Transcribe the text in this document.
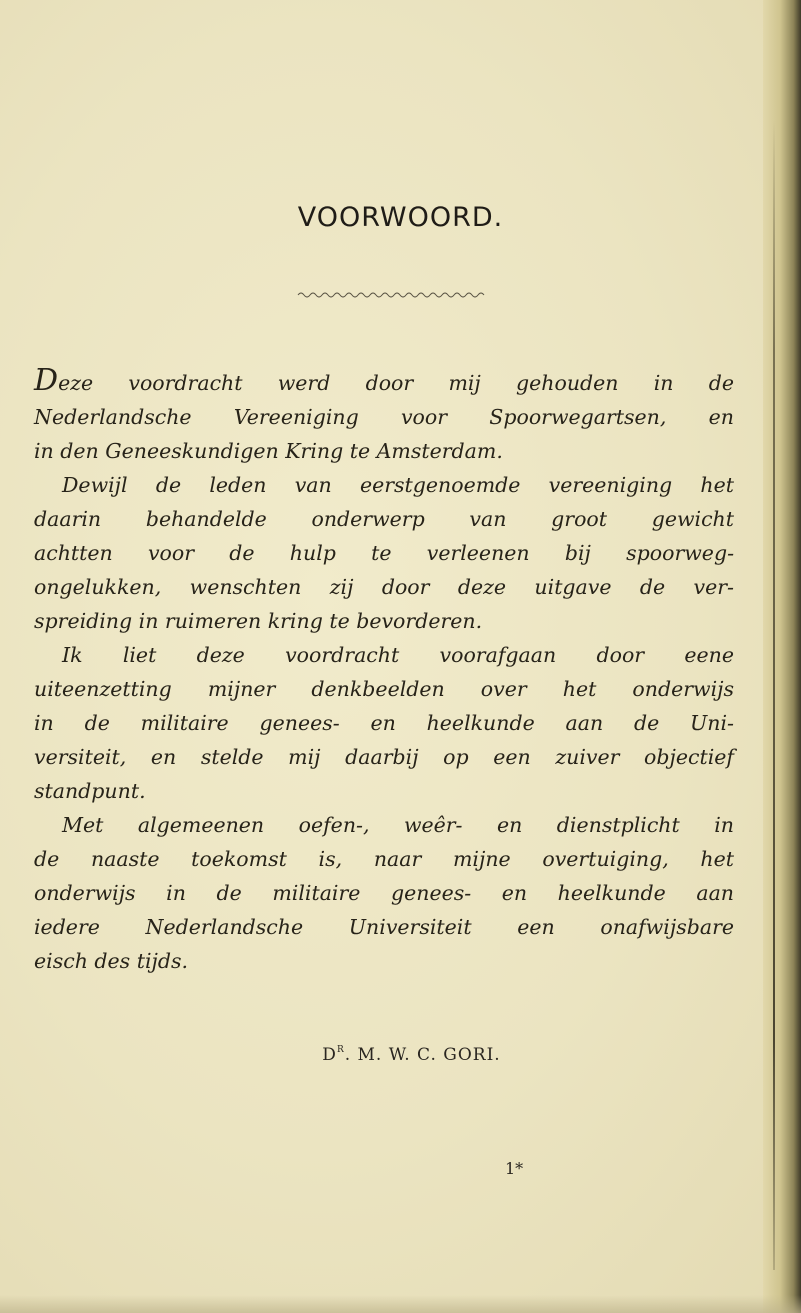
VOORWOORD.
Deze voordracht werd door mij gehouden in de
Nederlandsche Vereeniging voor Spoorwegartsen, en
in den Geneeskundigen Kring te Amsterdam.
Dewijl de leden van eerstgenoemde vereeniging het
daarin behandelde onderwerp van groot gewicht
achtten voor de hulp te verleenen bij spoorweg-
ongelukken, wenschten zij door deze uitgave de ver-
spreiding in ruimeren kring te bevorderen.
Ik liet deze voordracht voorafgaan door eene
uiteenzetting mijner denkbeelden over het onderwijs
in de militaire genees- en heelkunde aan de Uni-
versiteit, en stelde mij daarbij op een zuiver objectief
standpunt.
Met algemeenen oefen-, weêr- en dienstplicht in
de naaste toekomst is, naar mijne overtuiging, het
onderwijs in de militaire genees- en heelkunde aan
iedere Nederlandsche Universiteit een onafwijsbare
eisch des tijds.
$D^R$. M. W. C. GORI.
1*
